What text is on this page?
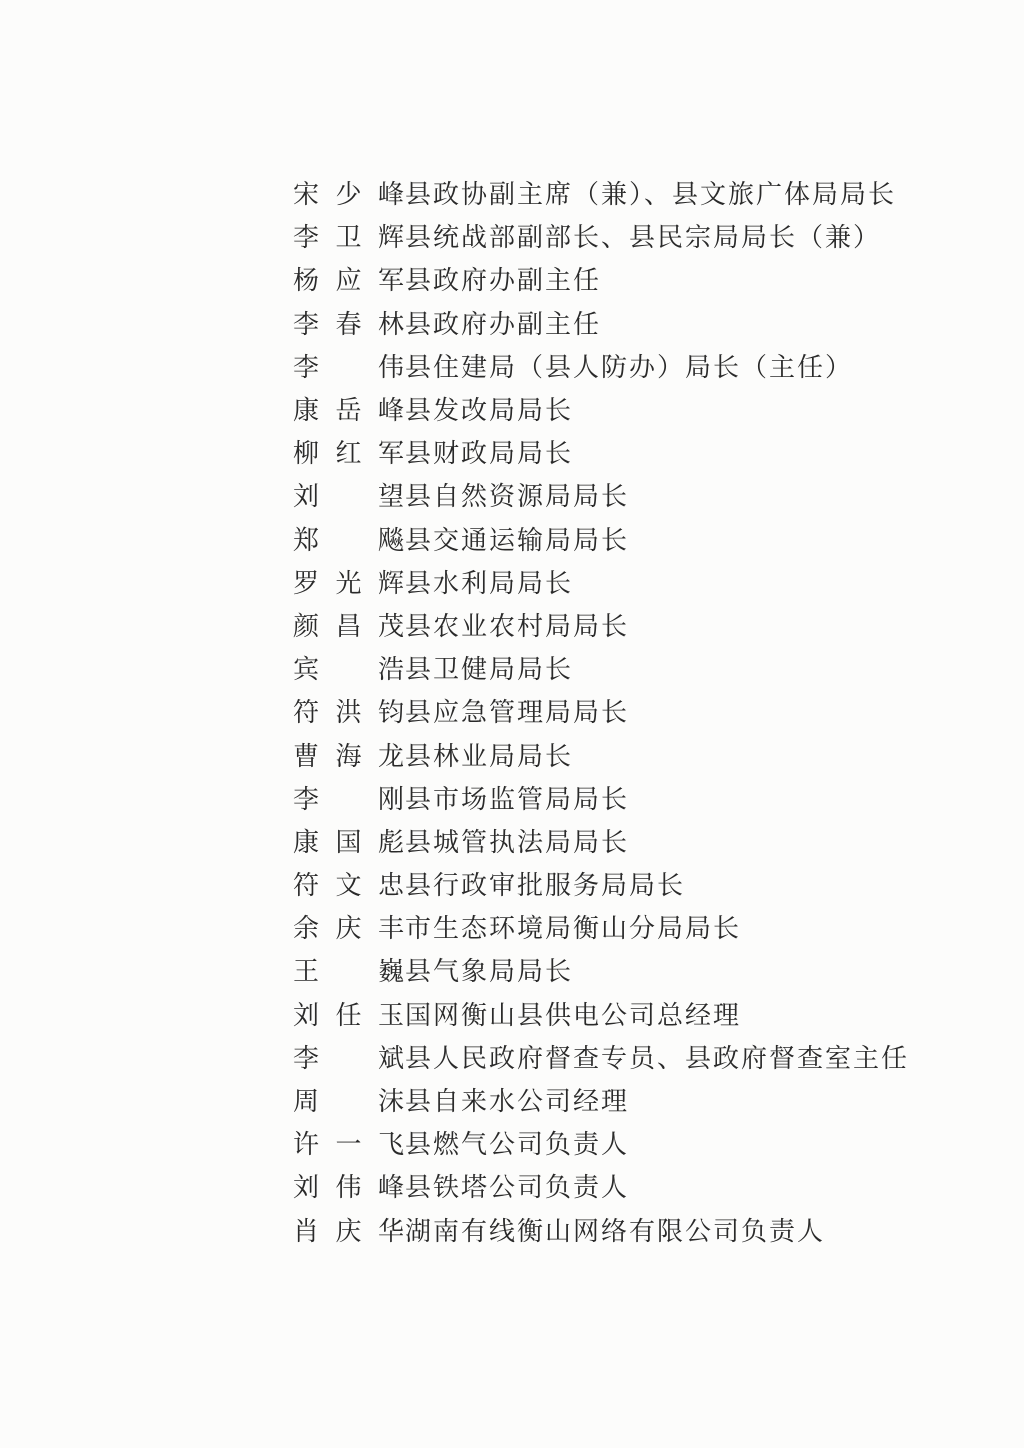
宋 少 峰 县政协副主席（兼）、县文旅广体局局长
李 卫 辉 县统战部副部长、县民宗局局长（兼）
杨 应 军 县政府办副主任
李 春 林 县政府办副主任
李 伟 县住建局（县人防办）局长（主任）
康 岳 峰 县发改局局长
柳 红 军 县财政局局长
刘 望 县自然资源局局长
郑 飚 县交通运输局局长
罗 光 辉 县水利局局长
颜 昌 茂 县农业农村局局长
宾 浩 县卫健局局长
符 洪 钧 县应急管理局局长
曹 海 龙 县林业局局长
李 刚 县市场监管局局长
康 国 彪 县城管执法局局长
符 文 忠 县行政审批服务局局长
余 庆 丰 市生态环境局衡山分局局长
王 巍 县气象局局长
刘 任 玉 国网衡山县供电公司总经理
李 斌 县人民政府督查专员、县政府督查室主任
周 沫 县自来水公司经理
许 一 飞 县燃气公司负责人
刘 伟 峰 县铁塔公司负责人
肖 庆 华 湖南有线衡山网络有限公司负责人
